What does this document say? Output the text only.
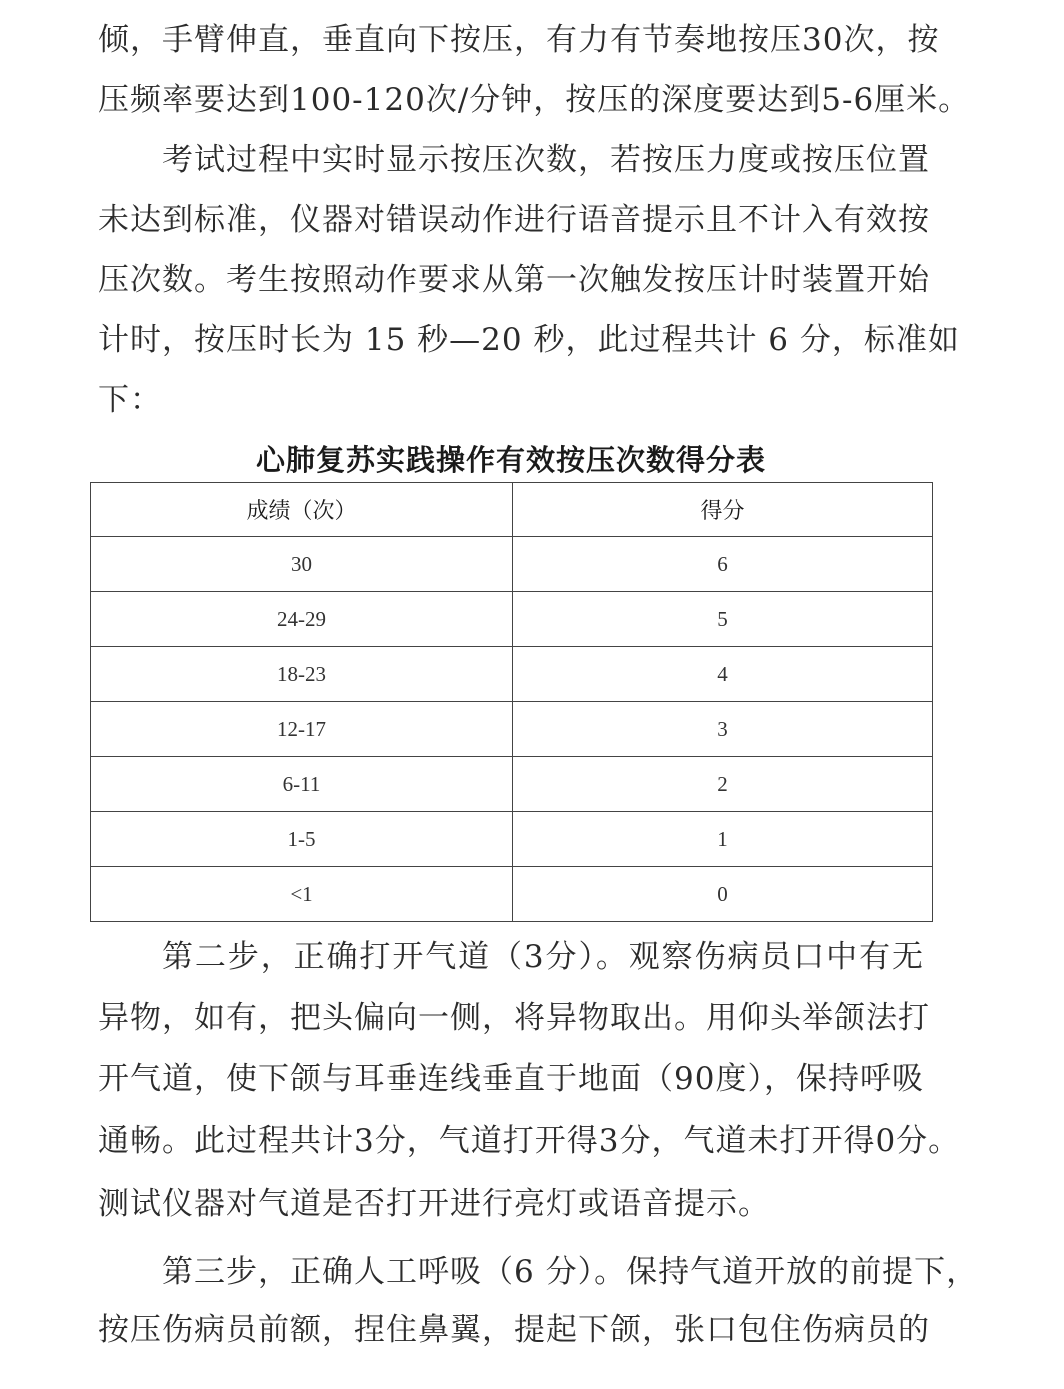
倾，手臂伸直，垂直向下按压，有力有节奏地按压30次，按
压频率要达到100-120次/分钟，按压的深度要达到5-6厘米。
考试过程中实时显示按压次数，若按压力度或按压位置
未达到标准，仪器对错误动作进行语音提示且不计入有效按
压次数。考生按照动作要求从第一次触发按压计时装置开始
计时，按压时长为 15 秒—20 秒，此过程共计 6 分，标准如
下：
心肺复苏实践操作有效按压次数得分表
成绩（次）	得分
30	6
24-29	5
18-23	4
12-17	3
6-11	2
1-5	1
<1	0
第二步，正确打开气道（3分）。观察伤病员口中有无
异物，如有，把头偏向一侧，将异物取出。用仰头举颌法打
开气道，使下颌与耳垂连线垂直于地面（90度），保持呼吸
通畅。此过程共计3分，气道打开得3分，气道未打开得0分。
测试仪器对气道是否打开进行亮灯或语音提示。
第三步，正确人工呼吸（6 分）。保持气道开放的前提下，
按压伤病员前额，捏住鼻翼，提起下颌，张口包住伤病员的
